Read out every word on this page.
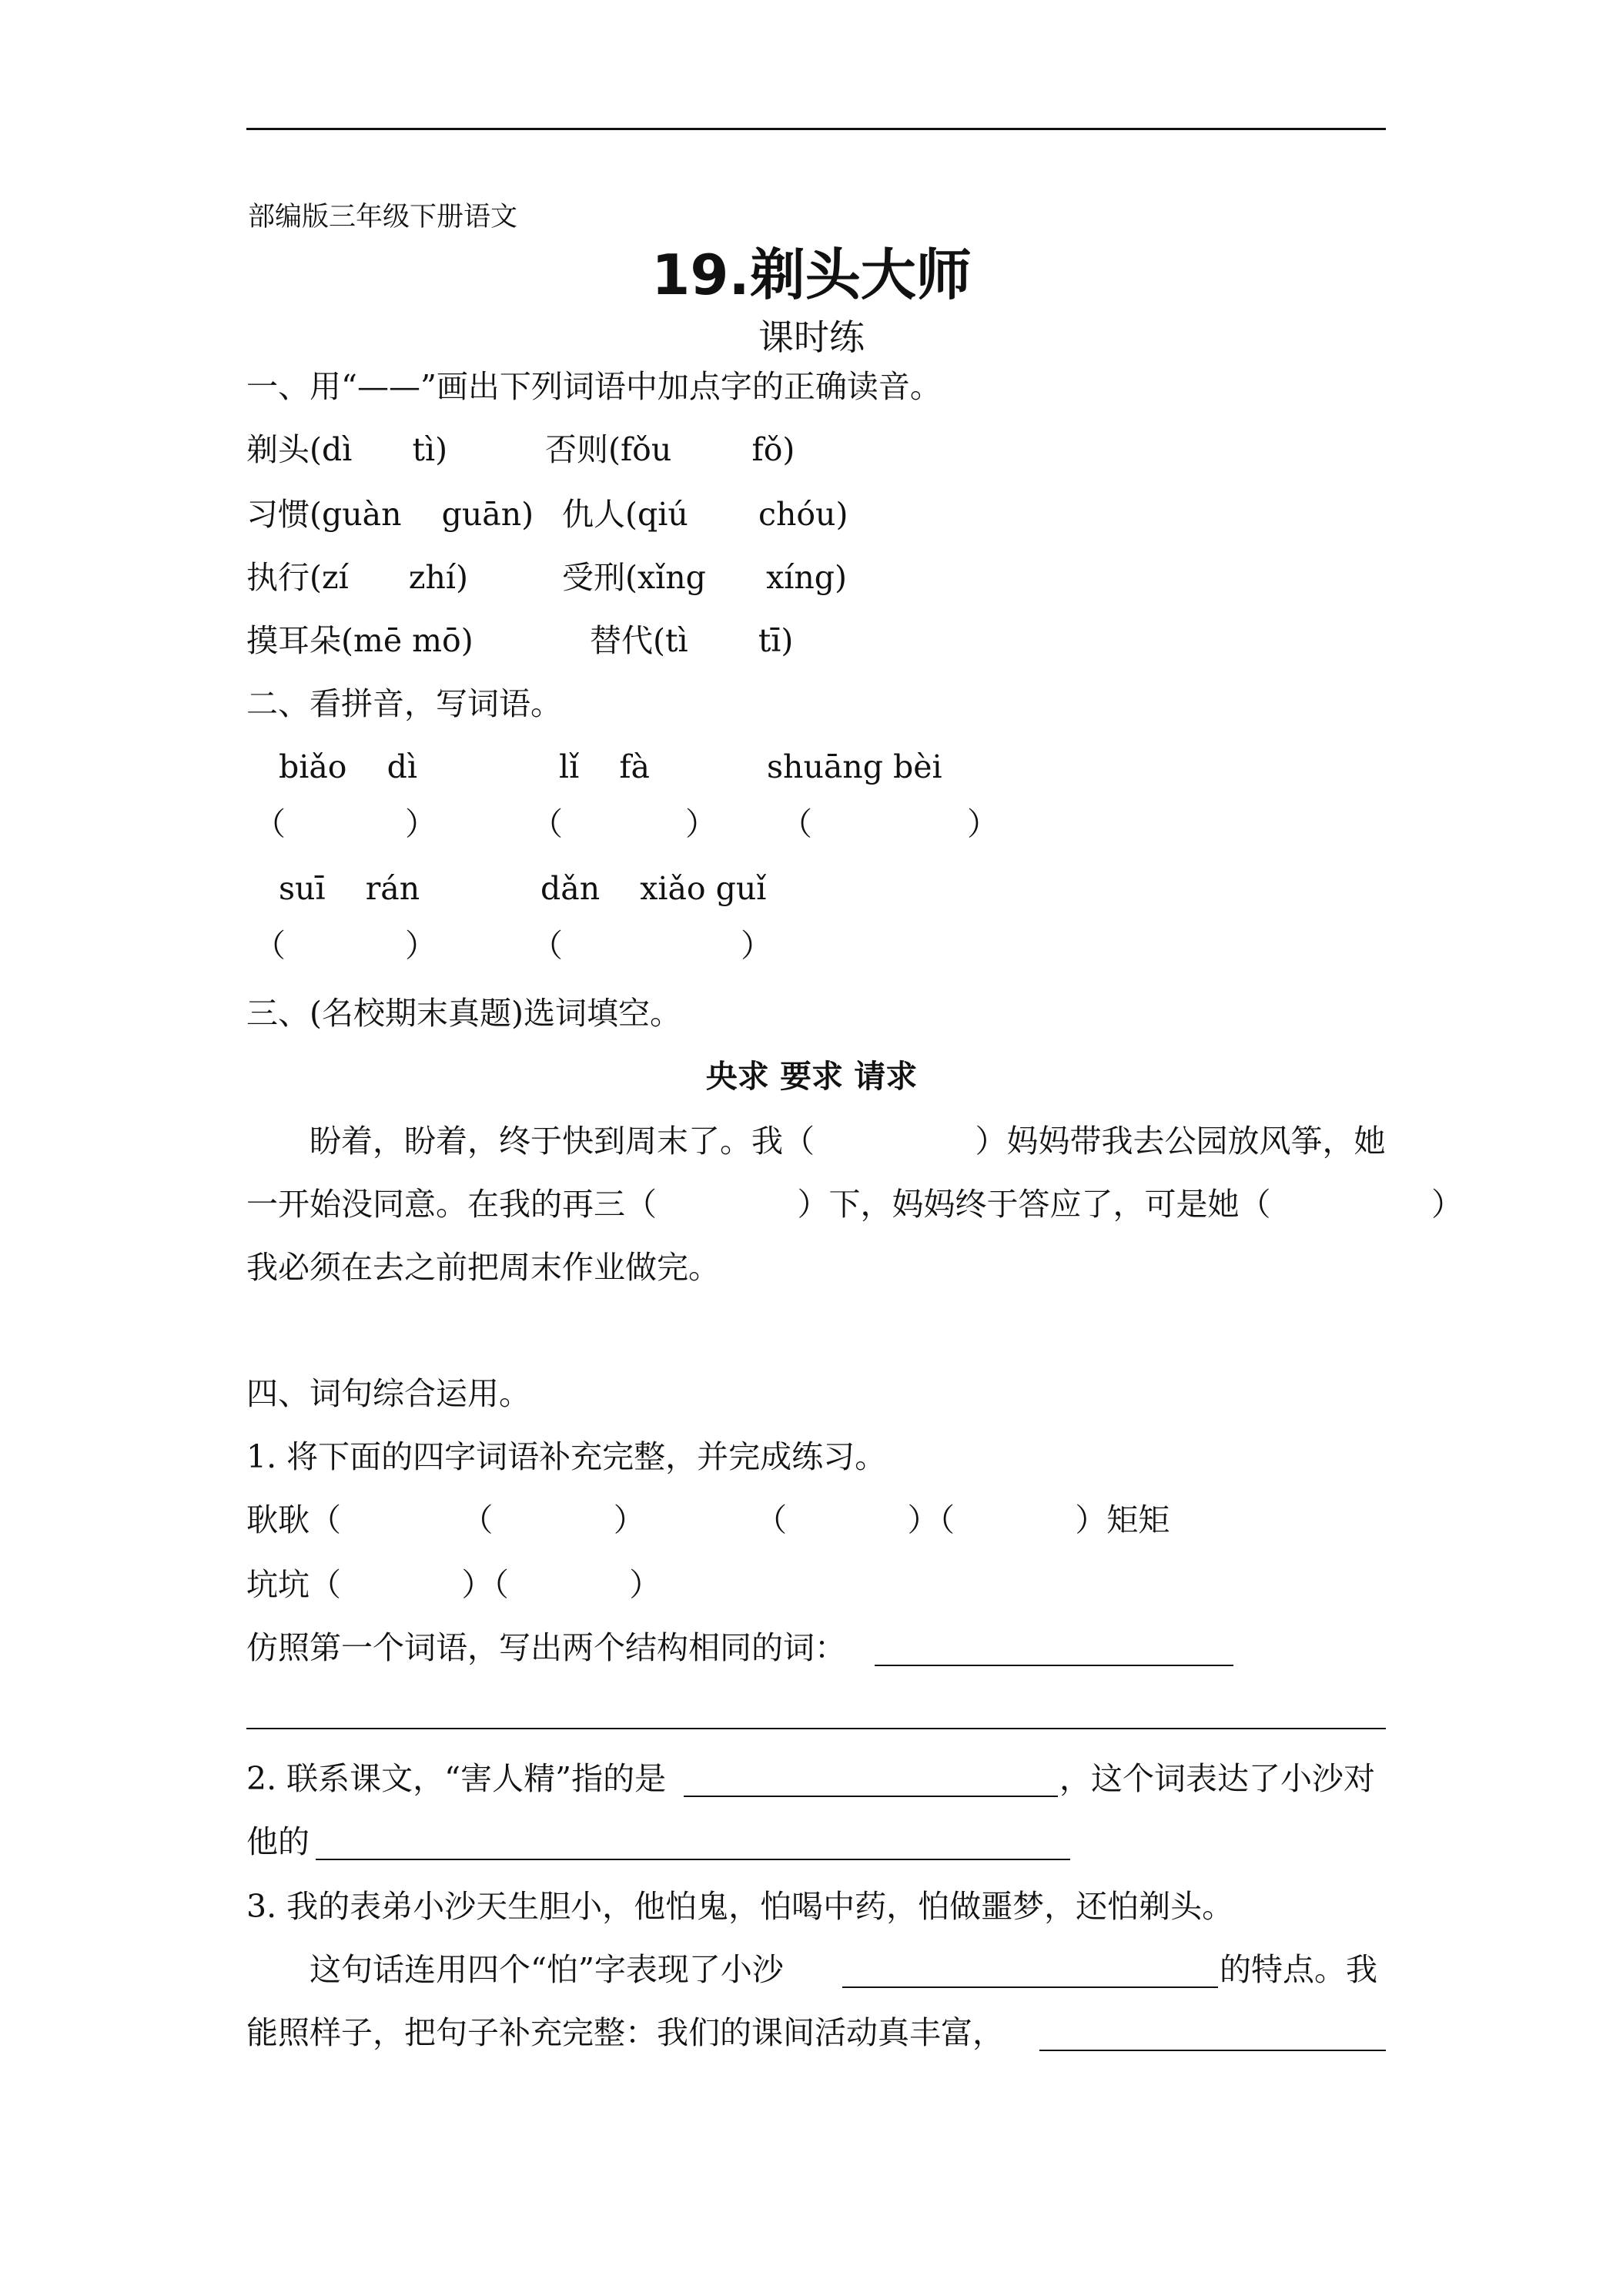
部编版三年级下册语文
19.剃头大师
课时练
一、用“——”画出下列词语中加点字的正确读音。
剃头(dì      tì)	否则(fǒu        fǒ)
习惯(guàn    guān) 仇人(qiú       chóu)
执行(zí      zhí)	受刑(xǐng      xíng)
摸耳朵(mē mō)	替代(tì       tī)
二、看拼音，写词语。
biǎo    dì	lǐ    fà	shuāng bèi
（	）	（	） （	）
suī    rán	dǎn    xiǎo guǐ
（	）	（	）
三、(名校期末真题)选词填空。
央求 要求 请求
盼着，盼着，终于快到周末了。我（                ）妈妈带我去公园放风筝，她
一开始没同意。在我的再三（              ）下，妈妈终于答应了，可是她（                ）
我必须在去之前把周末作业做完。
四、词句综合运用。
1. 将下面的四字词语补充完整，并完成练习。
耿耿（            （            ）           （            ）（            ）矩矩
坑坑（            ）（            ）
仿照第一个词语，写出两个结构相同的词：
2. 联系课文，“害人精”指的是	，这个词表达了小沙对
他的
3. 我的表弟小沙天生胆小，他怕鬼，怕喝中药，怕做噩梦，还怕剃头。
这句话连用四个“怕”字表现了小沙	的特点。我
能照样子，把句子补充完整：我们的课间活动真丰富，
